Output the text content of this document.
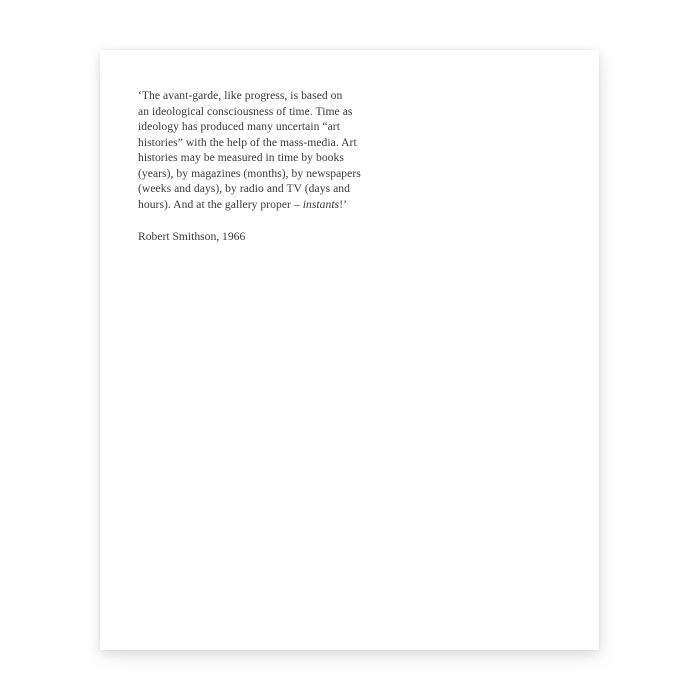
‘The avant-garde, like progress, is based on
an ideological consciousness of time. Time as
ideology has produced many uncertain “art
histories” with the help of the mass-media. Art
histories may be measured in time by books
(years), by magazines (months), by newspapers
(weeks and days), by radio and TV (days and
hours). And at the gallery proper – instants!’

Robert Smithson, 1966
